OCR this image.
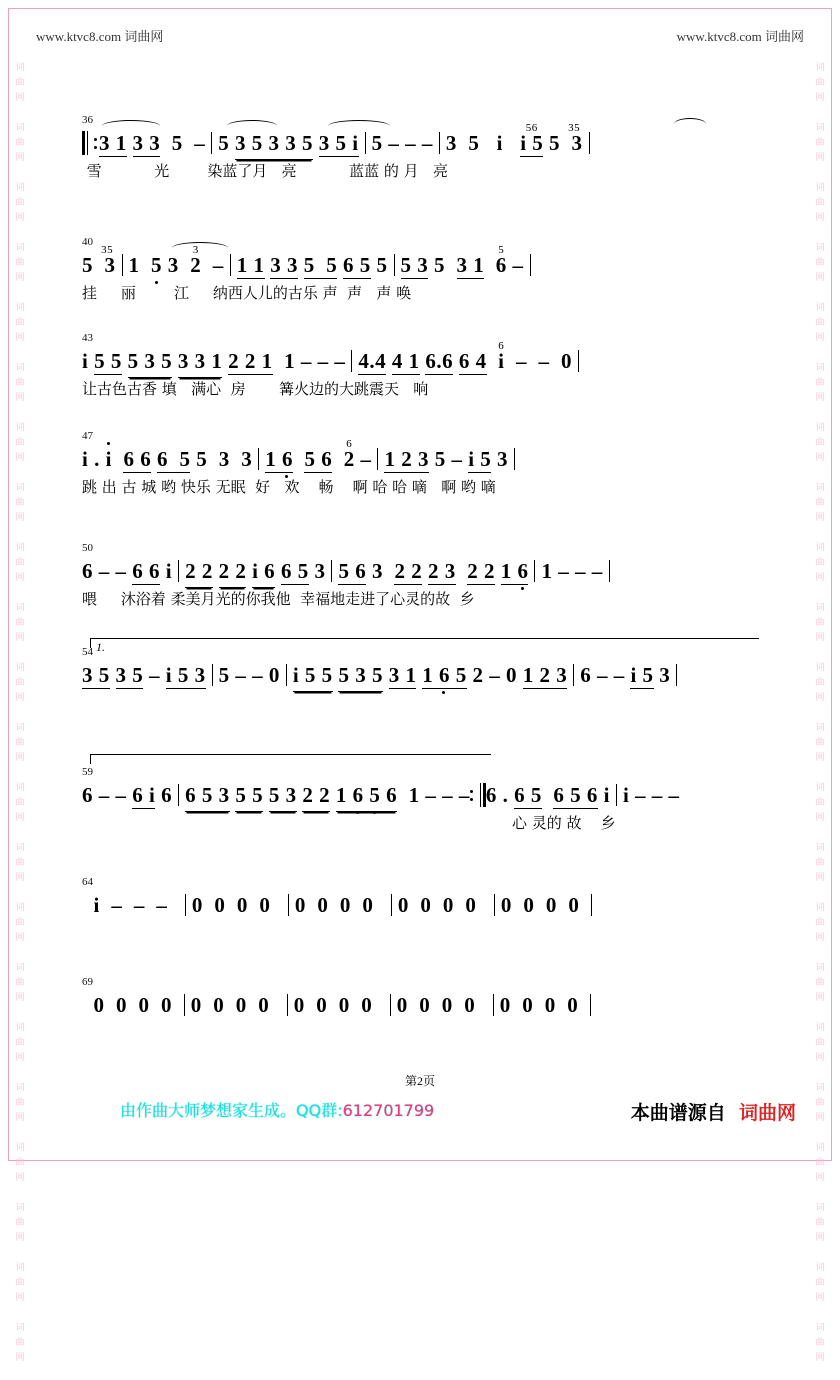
词
曲
网

词
曲
网

词
曲
网

词
曲
网

词
曲
网

词
曲
网

词
曲
网

词
曲
网

词
曲
网

词
曲
网

词
曲
网

词
曲
网

词
曲
网

词
曲
网

词
曲
网

词
曲
网

词
曲
网

词
曲
网

词
曲
网

词
曲
网

词
曲
网

词
曲
网

词
曲
网

词
曲
网

词
曲
网

词
曲
网

词
曲
网

词
曲
网

词
曲
网

词
曲
网

词
曲
网

词
曲
网

词
曲
网

词
曲
网

词
曲
网

词
曲
网

词
曲
网

词
曲
网

词
曲
网

词
曲
网

词
曲
网

词
曲
网

词
曲
网

词
曲
网

www.ktvc8.com 词曲网	www.ktvc8.com 词曲网
36
3 1 3 3  5  – 5 3 5 3 3 5 3 5 i 5 – – – 3  5   i
56
i 5 5
35
3
雪           光        染蓝了月   亮           蓝蓝 的 月   亮
40
5
35
3 1  5 3
3
2  – 1 1 3 3 5  5 6 5 5 5 3 5  3 1
5
6 –
挂     丽        江     纳西人儿的古乐 声  声   声 唤
43
i 5 5 5 3 5 3 3 1 2 2 1  1 – – – 4.4 4 1 6.6 6 4
6
i  –  –  0
让古色古香 填   满心  房       篝火边的大跳震天   响
47
i . i 6 6 6  5 5  3  3 1 6 5 6
6
2 – 1 2 3 5 – i 5 3
跳 出 古 城 哟 快乐 无眠  好   欢    畅    啊 哈 哈 嘀   啊 哟 嘀
50
6 – – 6 6 i 2 2 2 2 i 6 6 5 3 5 6 3  2 2 2 3 2 2 1 6 1 – – –
喂     沐浴着 柔美月光的你我他  幸福地走进了心灵的故  乡
54 1.
3 5 3 5 – i 5 3 5 – – 0 i 5 5 5 3 5 3 1 1 6 5 2 – 0 1 2 3 6 – – i 5 3
59
6 – – 6 i 6 6 5 3 5 5 5 3 2 2 1 6 5 6  1 – – – 6 . 6 5 6 5 6 i i – – –
心 灵的 故    乡
64
i  –  –  –  0  0  0  0  0  0  0  0  0  0  0  0  0  0  0  0
69
0  0  0  0 0  0  0  0  0  0  0  0  0  0  0  0  0  0  0  0
第2页
由作曲大师梦想家生成。QQ群:612701799	本曲谱源自 词曲网
